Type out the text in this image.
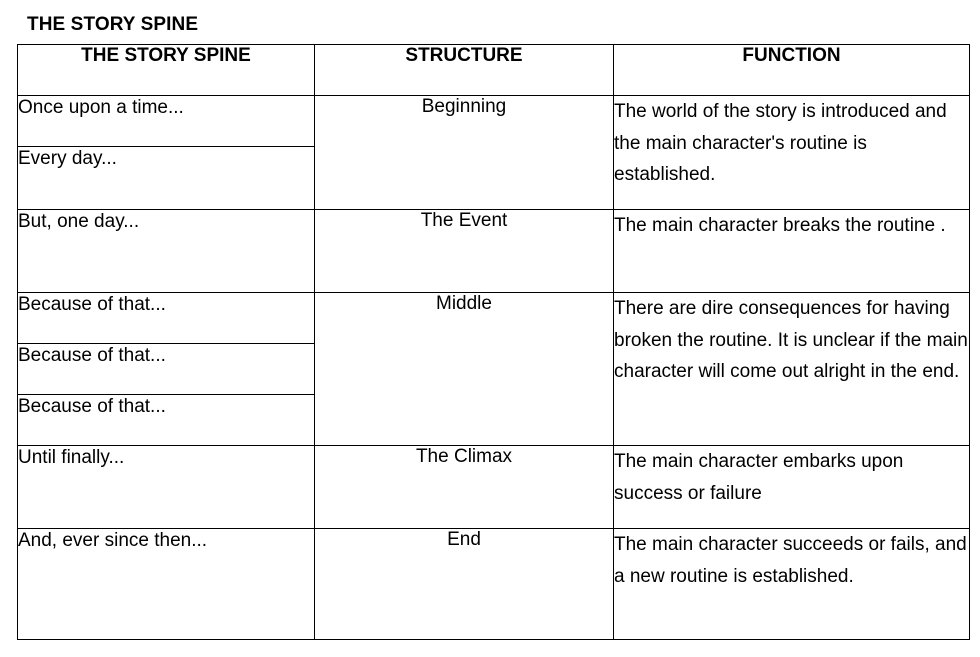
THE STORY SPINE
THE STORY SPINE	STRUCTURE	FUNCTION
Once upon a time...	Beginning	The world of the story is introduced and the main character's routine is established.
Every day...		
But, one day...	The Event	The main character breaks the routine .
Because of that...	Middle	There are dire consequences for having broken the routine. It is unclear if the main character will come out alright in the end.
Because of that...		
Because of that...		
Until finally...	The Climax	The main character embarks upon success or failure
And, ever since then...	End	The main character succeeds or fails, and a new routine is established.
